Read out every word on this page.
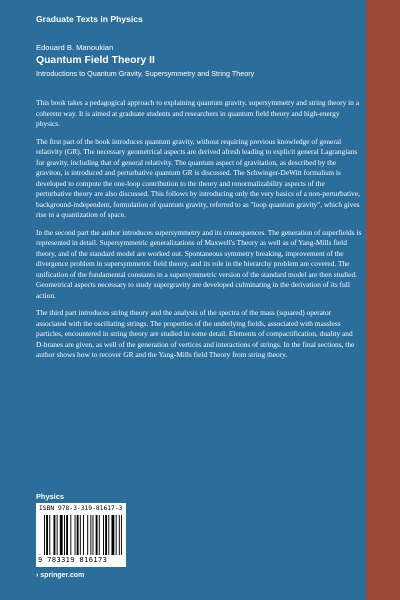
Graduate Texts in Physics
Edouard B. Manoukian
Quantum Field Theory II
Introductions to Quantum Gravity, Supersymmetry and String Theory

This book takes a pedagogical approach to explaining quantum gravity, supersymmetry and string theory in a coherent way. It is aimed at graduate students and researchers in quantum field theory and high-energy physics.

The first part of the book introduces quantum gravity, without requiring previous knowledge of general relativity (GR). The necessary geometrical aspects are derived afresh leading to explicit general Lagrangians for gravity, including that of general relativity. The quantum aspect of gravitation, as described by the graviton, is introduced and perturbative quantum GR is discussed. The Schwinger-DeWitt formalism is developed to compute the one-loop contribution to the theory and renormalizability aspects of the perturbative theory are also discussed. This follows by introducing only the very basics of a non-perturbative, background-independent, formulation of quantum gravity, referred to as "loop quantum gravity", which gives rise to a quantization of space.

In the second part the author introduces supersymmetry and its consequences. The generation of superfields is represented in detail. Supersymmetric generalizations of Maxwell's Theory as well as of Yang-Mills field theory, and of the standard model are worked out. Spontaneous symmetry breaking, improvement of the divergence problem in supersymmetric field theory, and its role in the hierarchy problem are covered. The unification of the fundamental constants in a supersymmetric version of the standard model are then studied. Geometrical aspects necessary to study supergravity are developed culminating in the derivation of its full action.

The third part introduces string theory and the analysis of the spectra of the mass (squared) operator associated with the oscillating strings. The properties of the underlying fields, associated with massless particles, encountered in string theory are studied in some detail. Elements of compactification, duality and D-branes are given, as well of the generation of vertices and interactions of strings. In the final sections, the author shows how to recover GR and the Yang-Mills field Theory from string theory.

Physics
ISBN 978-3-319-81617-3
9 783319 816173
› springer.com
